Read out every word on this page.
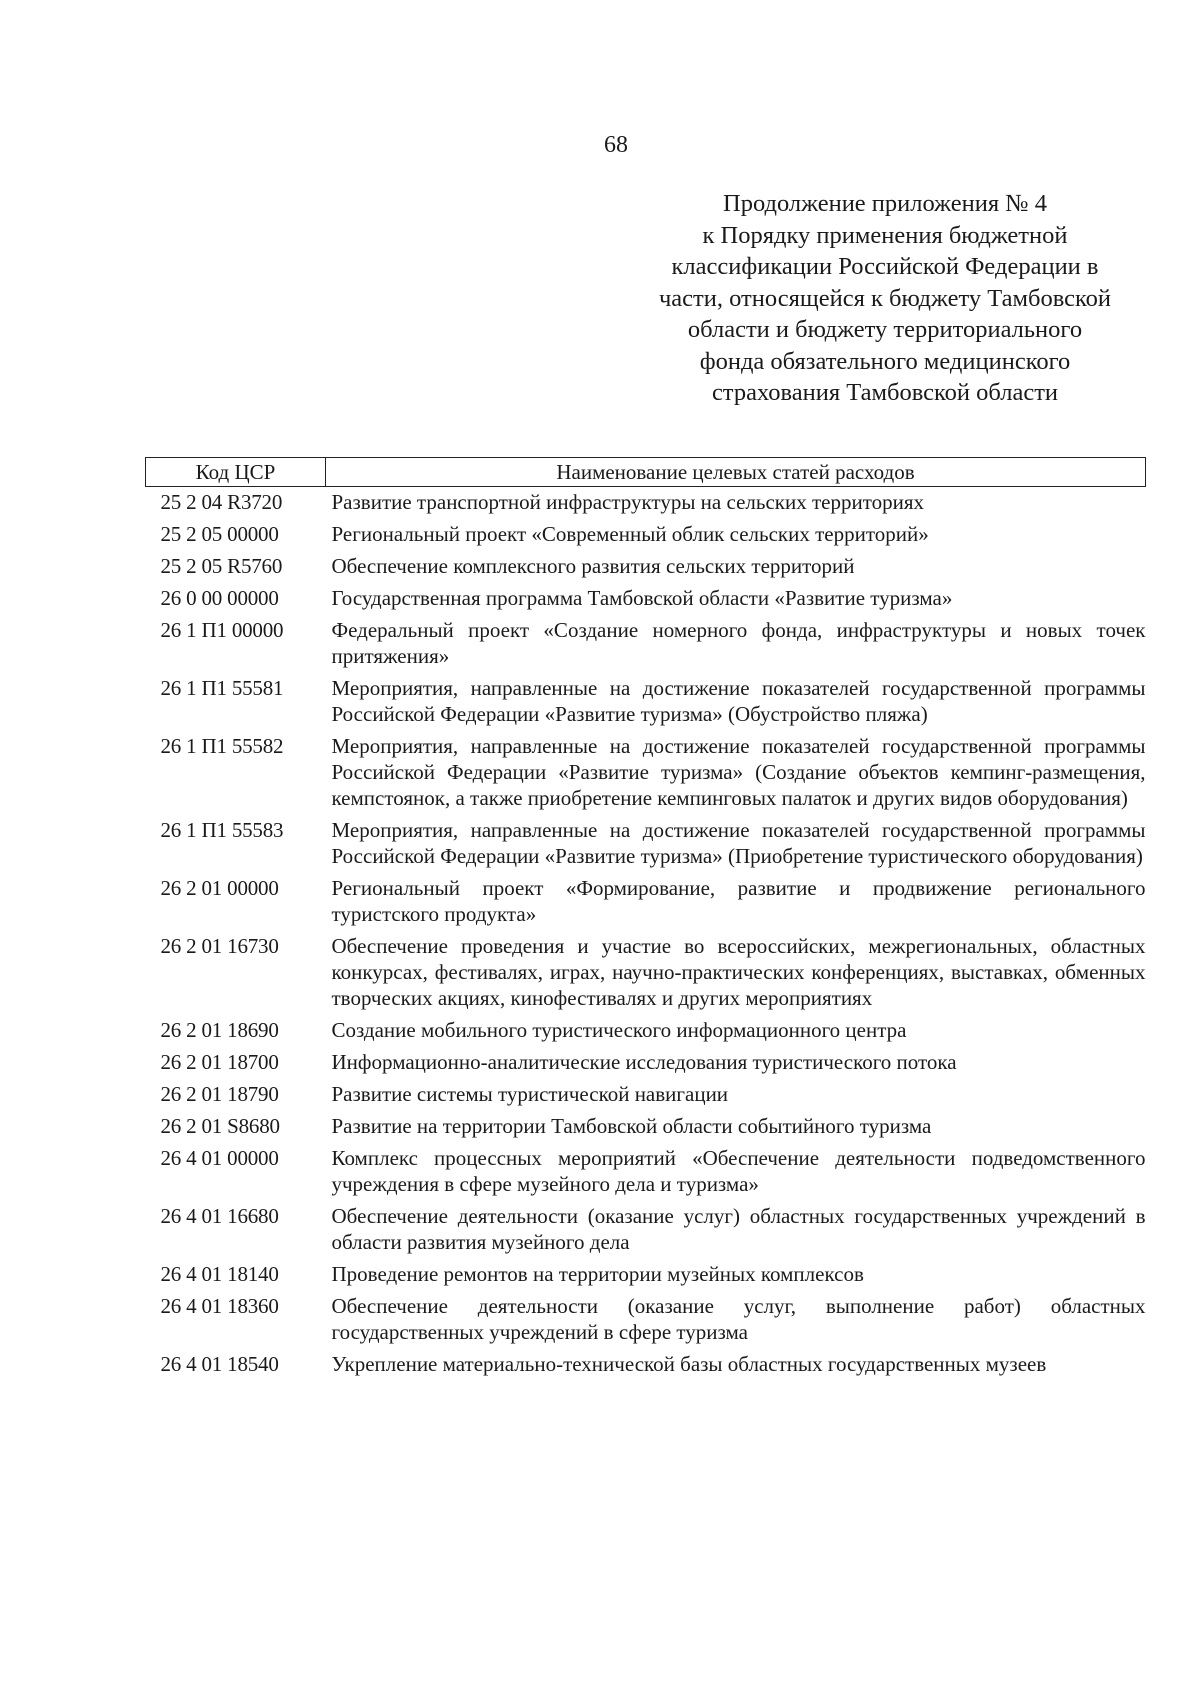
68
Продолжение приложения № 4
к Порядку применения бюджетной
классификации Российской Федерации в
части, относящейся к бюджету Тамбовской
области и бюджету территориального
фонда обязательного медицинского
страхования Тамбовской области
Код ЦСР	Наименование целевых статей расходов
25 2 04 R3720	Развитие транспортной инфраструктуры на сельских территориях
25 2 05 00000	Региональный проект «Современный облик сельских территорий»
25 2 05 R5760	Обеспечение комплексного развития сельских территорий
26 0 00 00000	Государственная программа Тамбовской области «Развитие туризма»
26 1 П1 00000	Федеральный проект «Создание номерного фонда, инфраструктуры и новых точек притяжения»
26 1 П1 55581	Мероприятия, направленные на достижение показателей государственной программы Российской Федерации «Развитие туризма» (Обустройство пляжа)
26 1 П1 55582	Мероприятия, направленные на достижение показателей государственной программы Российской Федерации «Развитие туризма» (Создание объектов кемпинг-размещения, кемпстоянок, а также приобретение кемпинговых палаток и других видов оборудования)
26 1 П1 55583	Мероприятия, направленные на достижение показателей государственной программы Российской Федерации «Развитие туризма» (Приобретение туристического оборудования)
26 2 01 00000	Региональный проект «Формирование, развитие и продвижение регионального туристского продукта»
26 2 01 16730	Обеспечение проведения и участие во всероссийских, межрегиональных, областных конкурсах, фестивалях, играх, научно-практических конференциях, выставках, обменных творческих акциях, кинофестивалях и других мероприятиях
26 2 01 18690	Создание мобильного туристического информационного центра
26 2 01 18700	Информационно-аналитические исследования туристического потока
26 2 01 18790	Развитие системы туристической навигации
26 2 01 S8680	Развитие на территории Тамбовской области событийного туризма
26 4 01 00000	Комплекс процессных мероприятий «Обеспечение деятельности подведомственного учреждения в сфере музейного дела и туризма»
26 4 01 16680	Обеспечение деятельности (оказание услуг) областных государственных учреждений в области развития музейного дела
26 4 01 18140	Проведение ремонтов на территории музейных комплексов
26 4 01 18360	Обеспечение деятельности (оказание услуг, выполнение работ) областных государственных учреждений в сфере туризма
26 4 01 18540	Укрепление материально-технической базы областных государственных музеев
